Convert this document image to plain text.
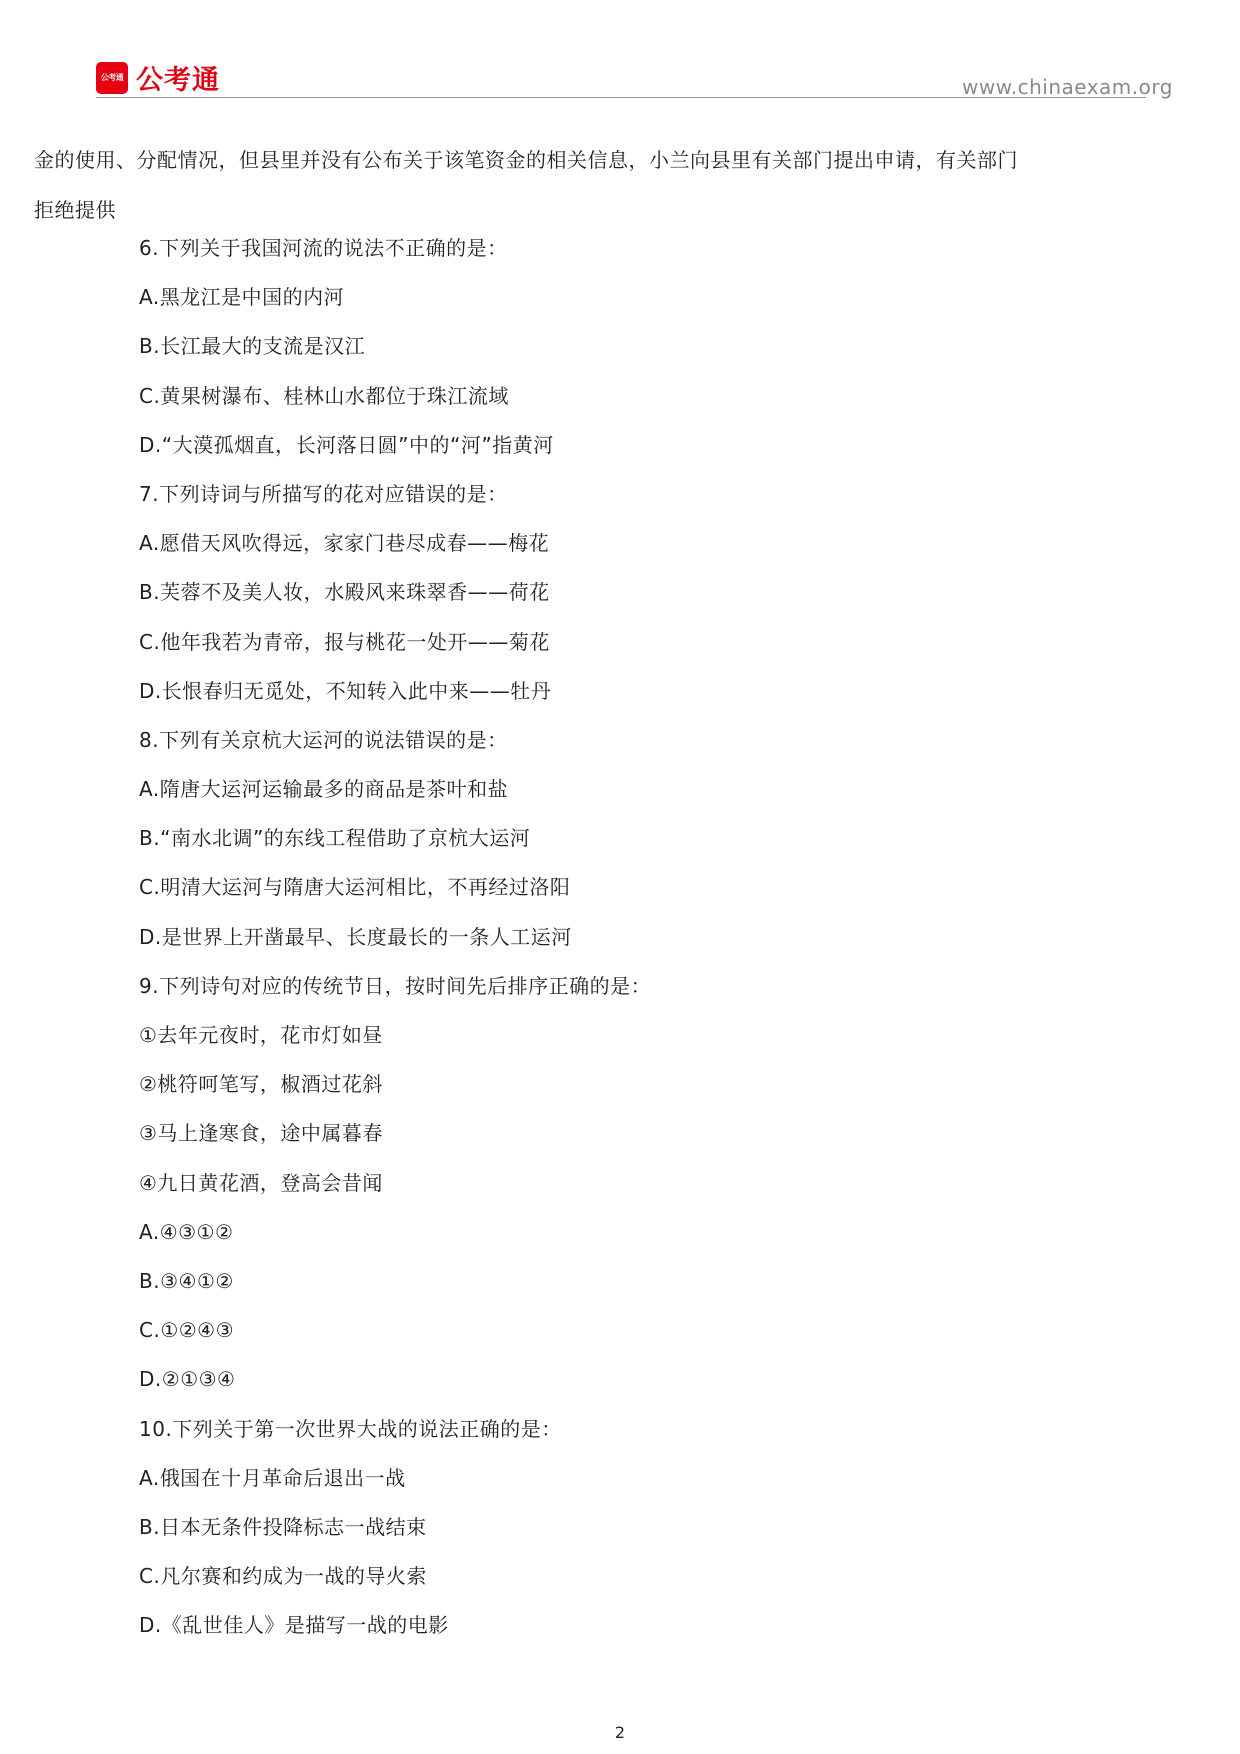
公考通 公考通	www.chinaexam.org

金的使用、分配情况，但县里并没有公布关于该笔资金的相关信息，小兰向县里有关部门提出申请，有关部门

拒绝提供

6.下列关于我国河流的说法不正确的是：

A.黑龙江是中国的内河

B.长江最大的支流是汉江

C.黄果树瀑布、桂林山水都位于珠江流域

D.“大漠孤烟直，长河落日圆”中的“河”指黄河

7.下列诗词与所描写的花对应错误的是：

A.愿借天风吹得远，家家门巷尽成春——梅花

B.芙蓉不及美人妆，水殿风来珠翠香——荷花

C.他年我若为青帝，报与桃花一处开——菊花

D.长恨春归无觅处，不知转入此中来——牡丹

8.下列有关京杭大运河的说法错误的是：

A.隋唐大运河运输最多的商品是茶叶和盐

B.“南水北调”的东线工程借助了京杭大运河

C.明清大运河与隋唐大运河相比，不再经过洛阳

D.是世界上开凿最早、长度最长的一条人工运河

9.下列诗句对应的传统节日，按时间先后排序正确的是：

①去年元夜时，花市灯如昼

②桃符呵笔写，椒酒过花斜

③马上逢寒食，途中属暮春

④九日黄花酒，登高会昔闻

A.④③①②

B.③④①②

C.①②④③

D.②①③④

10.下列关于第一次世界大战的说法正确的是：

A.俄国在十月革命后退出一战

B.日本无条件投降标志一战结束

C.凡尔赛和约成为一战的导火索

D.《乱世佳人》是描写一战的电影

2
